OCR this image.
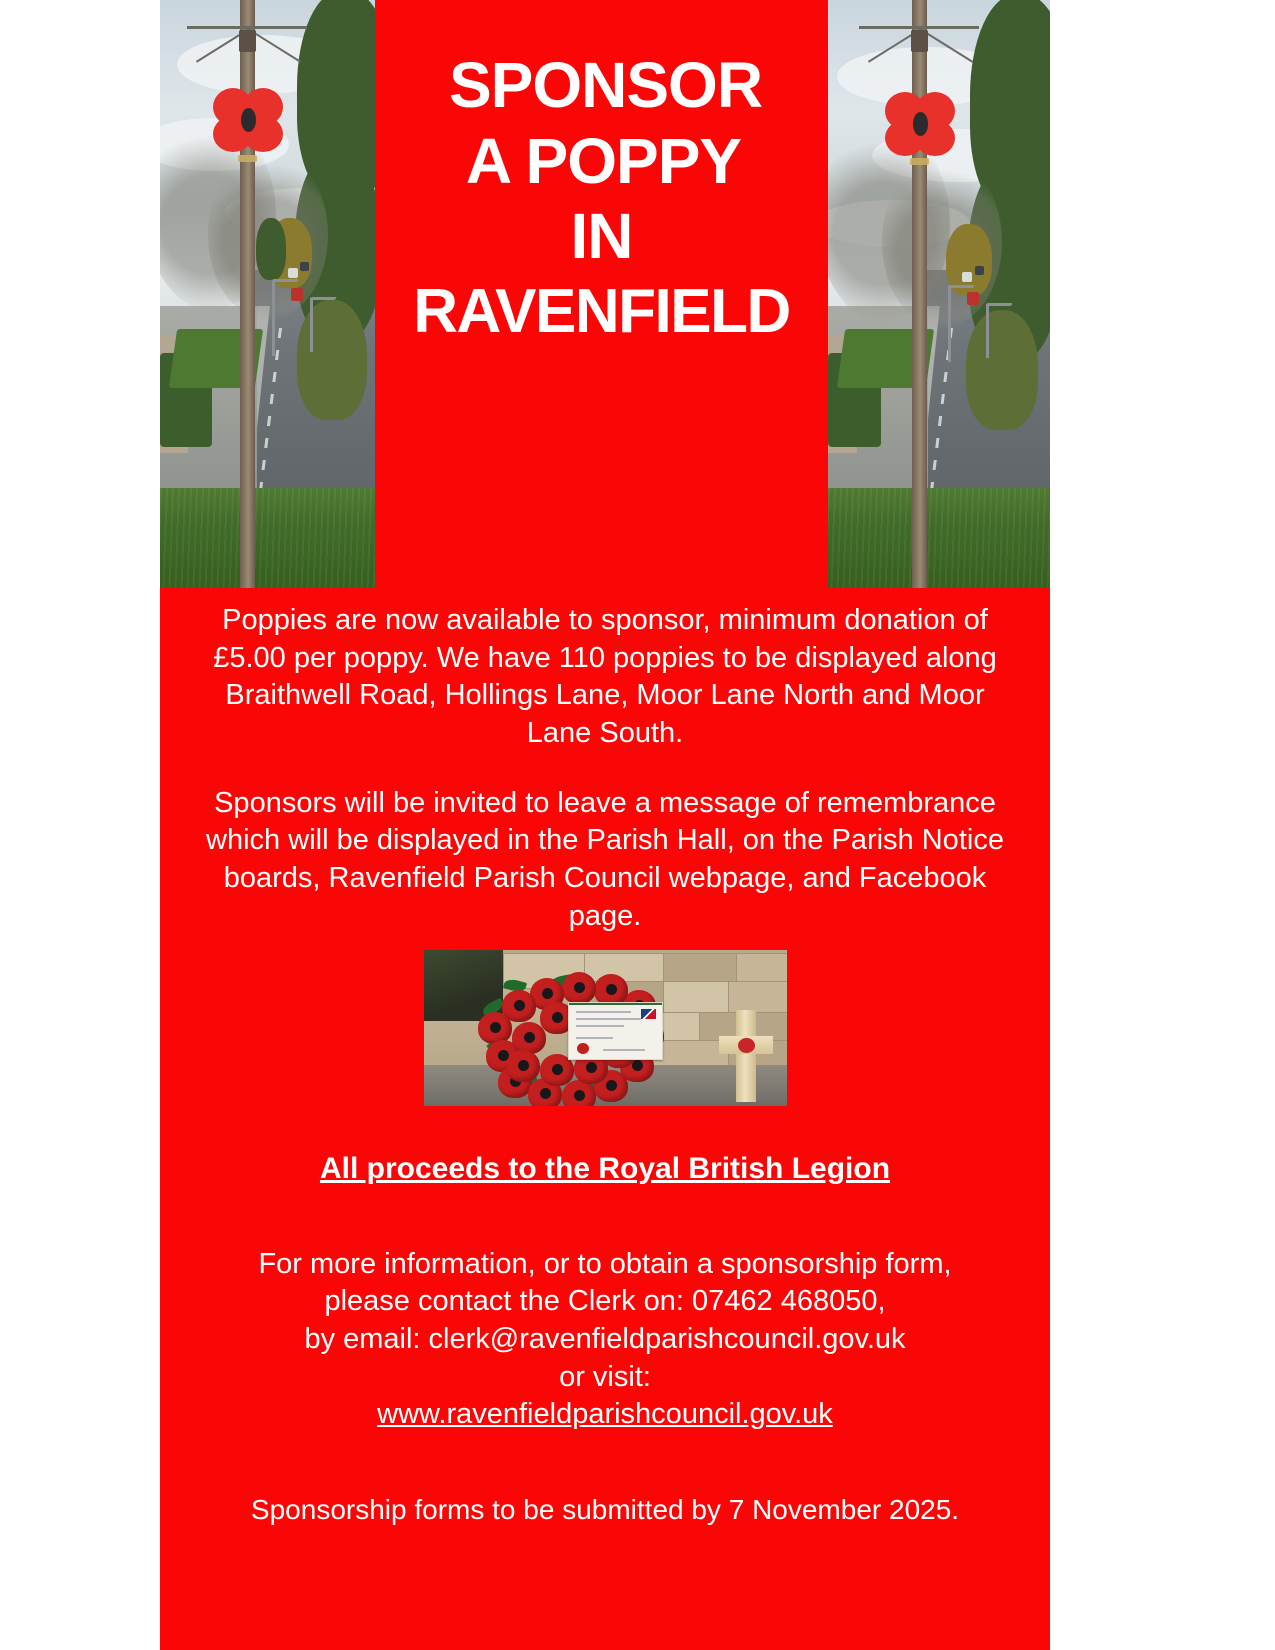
SPONSOR
A POPPY
IN
RAVENFIELD

Poppies are now available to sponsor, minimum donation of £5.00 per poppy. We have 110 poppies to be displayed along Braithwell Road, Hollings Lane, Moor Lane North and Moor Lane South.

Sponsors will be invited to leave a message of remembrance which will be displayed in the Parish Hall, on the Parish Notice boards, Ravenfield Parish Council webpage, and Facebook page.

All proceeds to the Royal British Legion

For more information, or to obtain a sponsorship form,

please contact the Clerk on: 07462 468050,

by email: clerk@ravenfieldparishcouncil.gov.uk

or visit:

www.ravenfieldparishcouncil.gov.uk

Sponsorship forms to be submitted by 7 November 2025.
